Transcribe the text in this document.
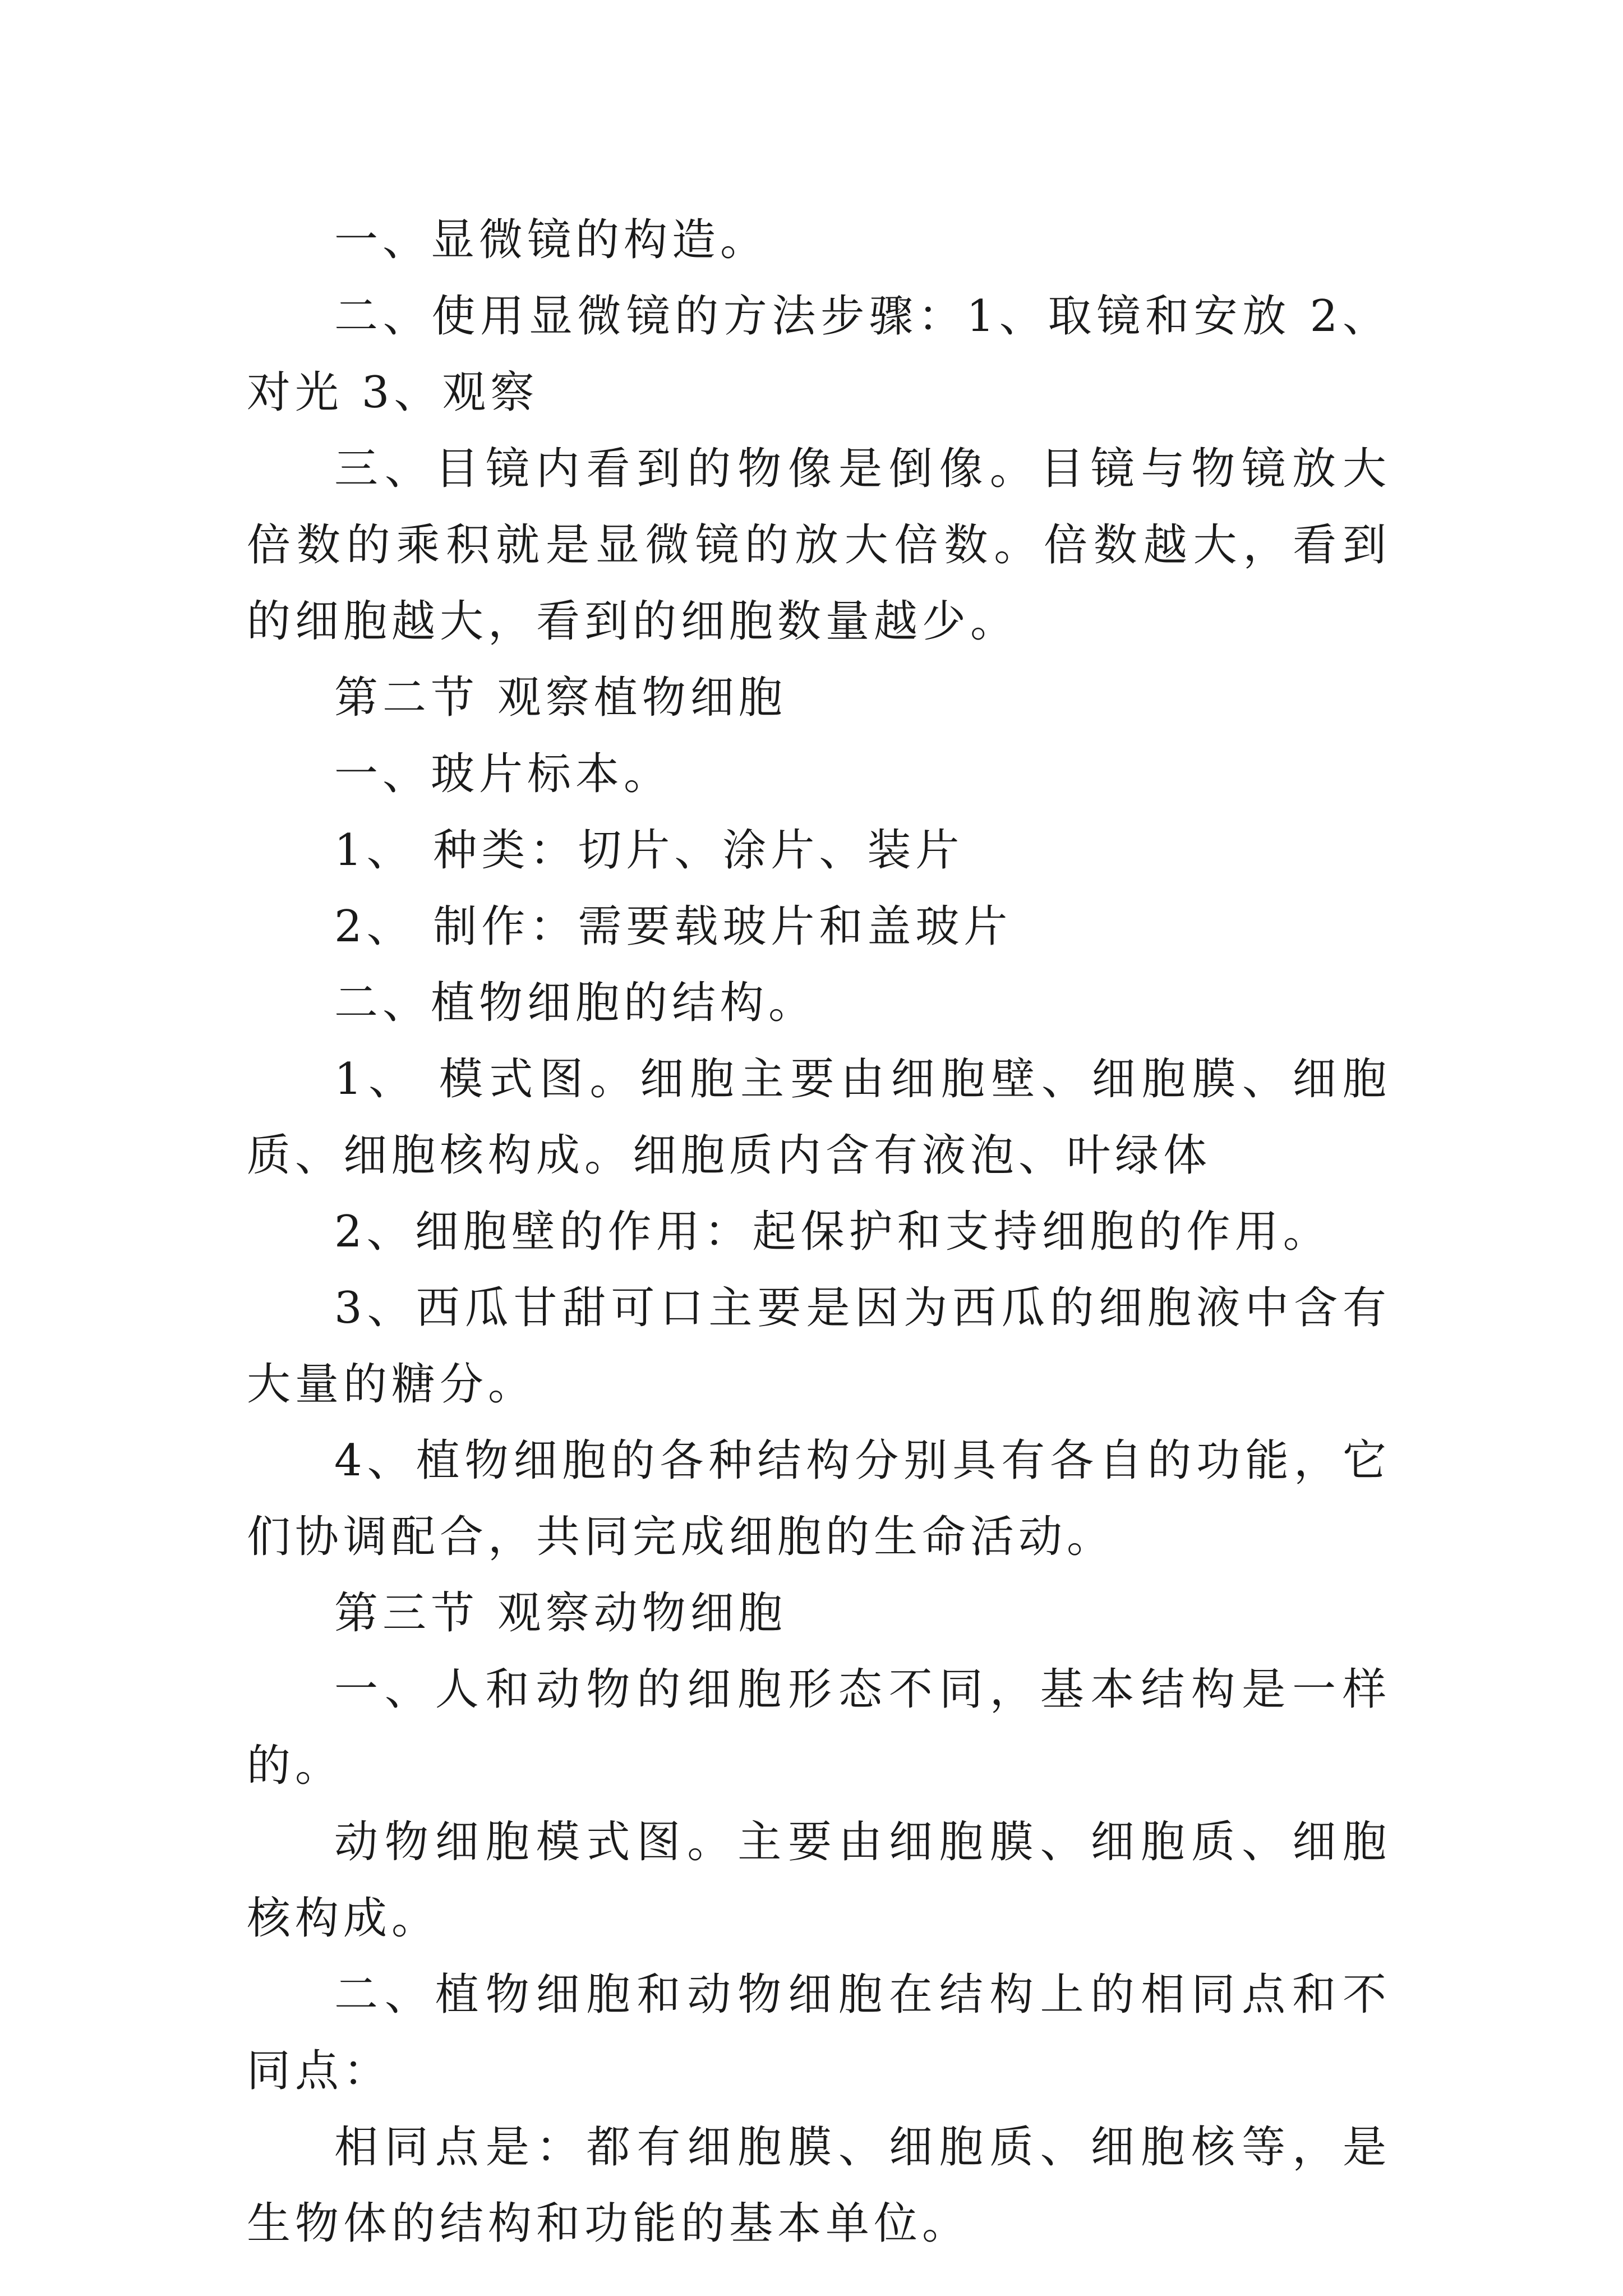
一、显微镜的构造。

二、使用显微镜的方法步骤：1、取镜和安放 2、对光 3、观察

三、目镜内看到的物像是倒像。目镜与物镜放大倍数的乘积就是显微镜的放大倍数。倍数越大，看到的细胞越大，看到的细胞数量越少。

第二节 观察植物细胞

一、玻片标本。

1、 种类：切片、涂片、装片

2、 制作：需要载玻片和盖玻片

二、植物细胞的结构。

1、 模式图。细胞主要由细胞壁、细胞膜、细胞质、细胞核构成。细胞质内含有液泡、叶绿体

2、细胞壁的作用：起保护和支持细胞的作用。

3、西瓜甘甜可口主要是因为西瓜的细胞液中含有大量的糖分。

4、植物细胞的各种结构分别具有各自的功能，它们协调配合，共同完成细胞的生命活动。

第三节 观察动物细胞

一、人和动物的细胞形态不同，基本结构是一样的。

动物细胞模式图。主要由细胞膜、细胞质、细胞核构成。

二、植物细胞和动物细胞在结构上的相同点和不同点：

相同点是：都有细胞膜、细胞质、细胞核等，是生物体的结构和功能的基本单位。
